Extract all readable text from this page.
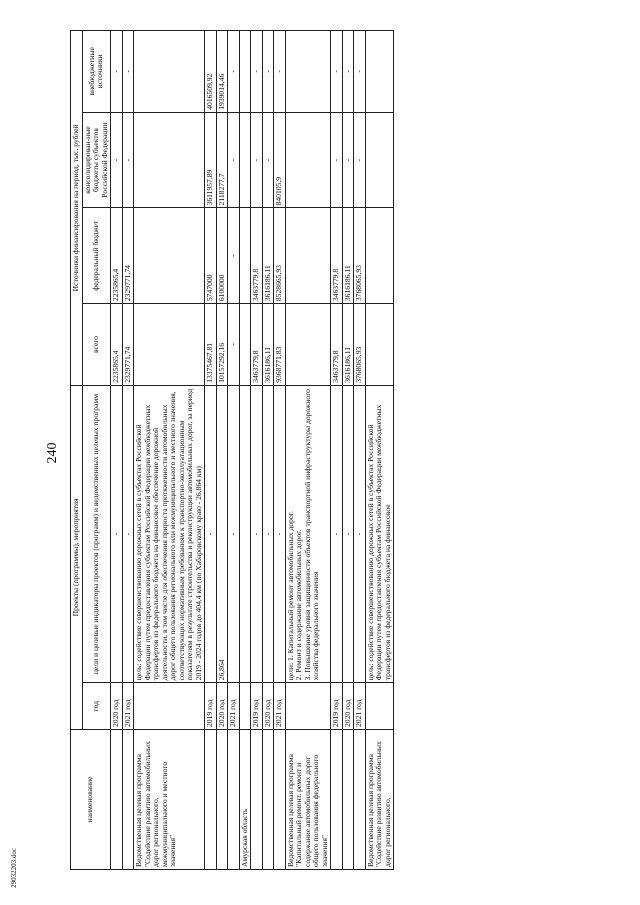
240
29032203.doc
наименование	Проекты (программы), мероприятия		Источники финансирования на период, тыс. рублей			
	год	цели и целевые индикаторы проектов (программ) и ведомственных целевых программ	всего	федеральный бюджет	консолидирован-ные бюджеты субъектов Российской Федерации	внебюджетные источники
	2020 год	-	2235865,4	2235865,4	-	-
	2021 год	-	2329771,74	2329771,74	-	-
Ведомственная целевая программа "Содействие развитию автомобильных дорог регионального, межмуниципального и местного значения"		цель: содействие совершенствованию дорожных сетей в субъектах Российской Федерации путем предоставления субъектам Российской Федерации межбюджетных трансфертов из федерального бюджета на финансовое обеспечение дорожной деятельности, в том числе для обеспечения прироста протяженности автомобильных дорог общего пользования регионального или межмуниципального и местного значения, соответствующих нормативным требованиям к транспортно-эксплуатационным показателям в результате строительства и реконструкции автомобильных дорог, за период 2019 - 2024 годов до 404,4 км (по Хабаровскому краю - 26,864 км)				
	2019 год	-	13375467,81	5747000	3611957,89	4016509,92
	2020 год	26,864	10157292,16	6100000	2118277,7	1939014,46
	2021 год	-	-	-	-	-
Амурская область						
	2019 год	-	3463779,8	3463779,8	-	-
	2020 год	-	3616186,11	3616186,11	-	-
	2021 год	-	9368771,83	8528665,93	840105,9	-
Ведомственная целевая программа "Капитальный ремонт, ремонт и содержание автомобильных дорог общего пользования федерального значения"		цели: 1. Капитальный ремонт автомобильных дорог.
2. Ремонт и содержание автомобильных дорог.
3. Повышение уровня защищенности объектов транспортной инфраструктуры дорожного хозяйства федерального значения				
	2019 год	-	3463779,8	3463779,8	-	-
	2020 год	-	3616186,11	3616186,11	-	-
	2021 год	-	3768065,93	3768065,93	-	-
Ведомственная целевая программа "Содействие развитию автомобильных дорог регионального,		цель: содействие совершенствованию дорожных сетей в субъектах Российской Федерации путем предоставления субъектам Российской Федерации межбюджетных трансфертов из федерального бюджета на финансовое				
